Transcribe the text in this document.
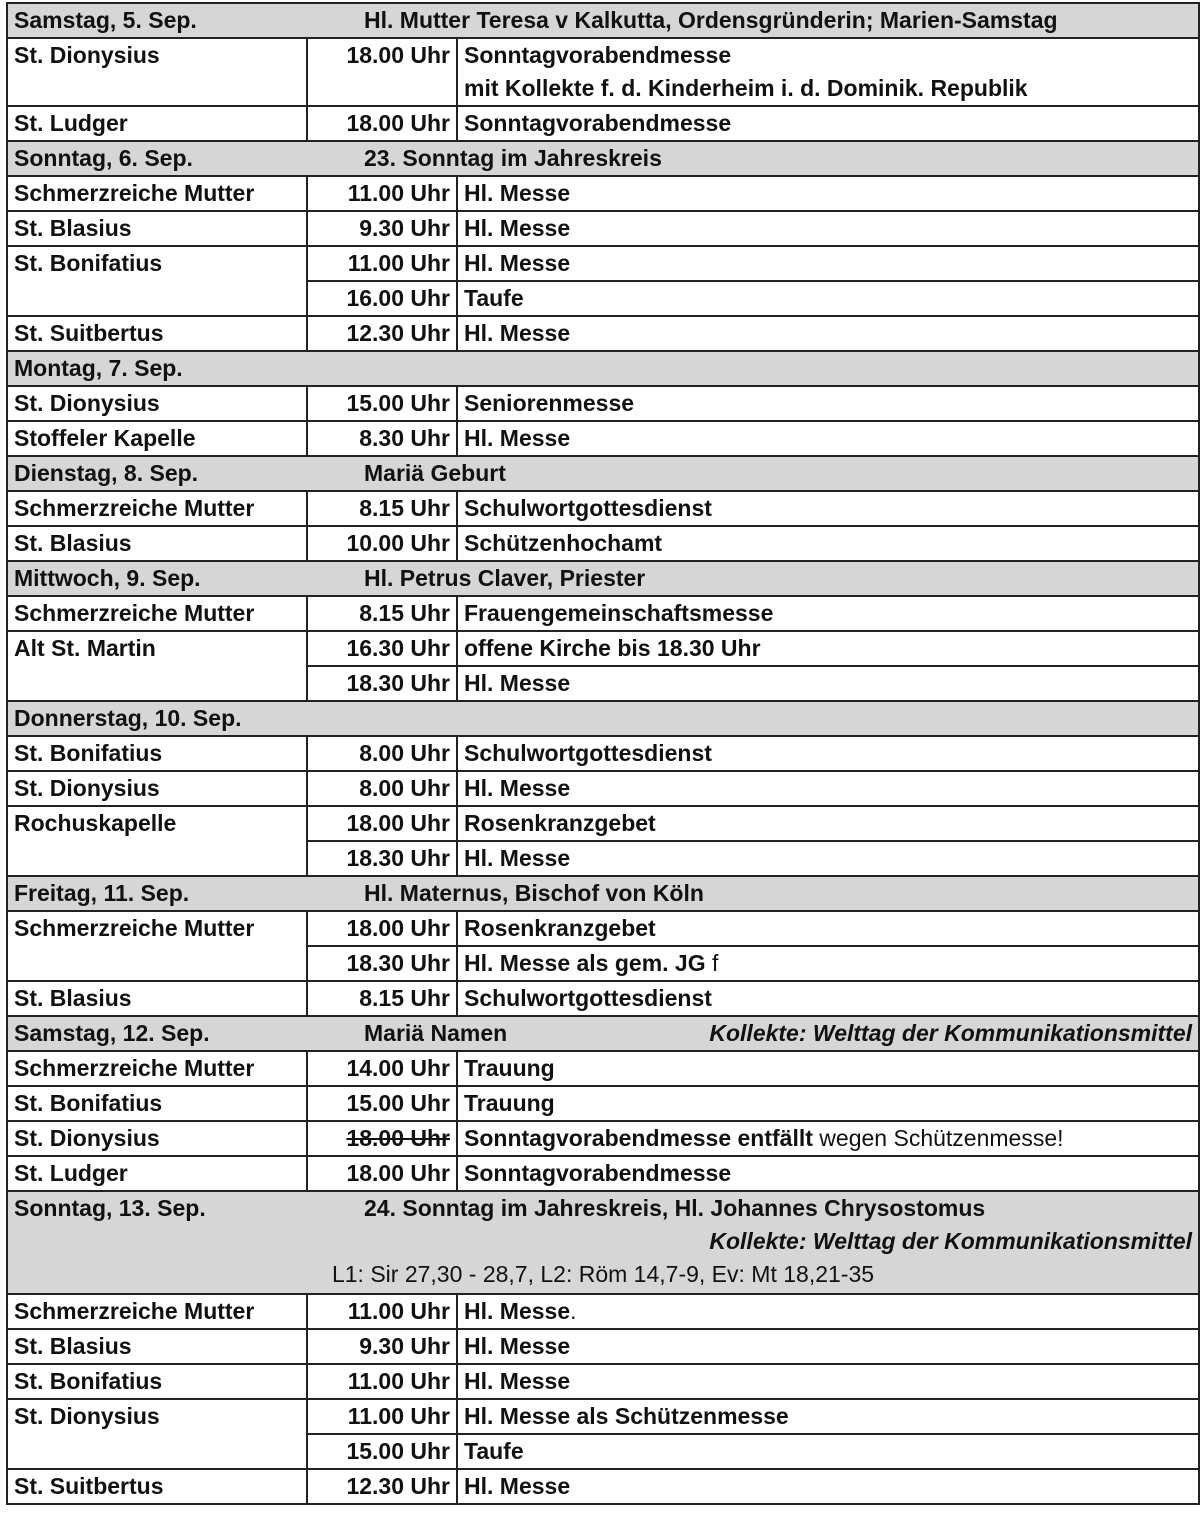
Samstag, 5. Sep. Hl. Mutter Teresa v Kalkutta, Ordensgründerin; Marien-Samstag		
St. Dionysius	18.00 Uhr	Sonntagvorabendmesse
mit Kollekte f. d. Kinderheim i. d. Dominik. Republik

St. Ludger	18.00 Uhr	Sonntagvorabendmesse
Sonntag, 6. Sep. 23. Sonntag im Jahreskreis		
Schmerzreiche Mutter	11.00 Uhr	Hl. Messe
St. Blasius	9.30 Uhr	Hl. Messe
St. Bonifatius	11.00 Uhr	Hl. Messe
	16.00 Uhr	Taufe
St. Suitbertus	12.30 Uhr	Hl. Messe
Montag, 7. Sep.		
St. Dionysius	15.00 Uhr	Seniorenmesse
Stoffeler Kapelle	8.30 Uhr	Hl. Messe
Dienstag, 8. Sep. Mariä Geburt		
Schmerzreiche Mutter	8.15 Uhr	Schulwortgottesdienst
St. Blasius	10.00 Uhr	Schützenhochamt
Mittwoch, 9. Sep. Hl. Petrus Claver, Priester		
Schmerzreiche Mutter	8.15 Uhr	Frauengemeinschaftsmesse
Alt St. Martin	16.30 Uhr	offene Kirche bis 18.30 Uhr
	18.30 Uhr	Hl. Messe
Donnerstag, 10. Sep.		
St. Bonifatius	8.00 Uhr	Schulwortgottesdienst
St. Dionysius	8.00 Uhr	Hl. Messe
Rochuskapelle	18.00 Uhr	Rosenkranzgebet
	18.30 Uhr	Hl. Messe
Freitag, 11. Sep. Hl. Maternus, Bischof von Köln		
Schmerzreiche Mutter	18.00 Uhr	Rosenkranzgebet
	18.30 Uhr	Hl. Messe als gem. JG f
St. Blasius	8.15 Uhr	Schulwortgottesdienst
Samstag, 12. Sep. Mariä Namen Kollekte: Welttag der Kommunikationsmittel		

Schmerzreiche Mutter	14.00 Uhr	Trauung
St. Bonifatius	15.00 Uhr	Trauung
St. Dionysius	18.00 Uhr	Sonntagvorabendmesse entfällt wegen Schützenmesse!
St. Ludger	18.00 Uhr	Sonntagvorabendmesse

Sonntag, 13. Sep. 24. Sonntag im Jahreskreis, Hl. Johannes Chrysostomus
Kollekte: Welttag der Kommunikationsmittel
L1: Sir 27,30 - 28,7, L2: Röm 14,7-9, Ev: Mt 18,21-35		

Schmerzreiche Mutter	11.00 Uhr	Hl. Messe.
St. Blasius	9.30 Uhr	Hl. Messe
St. Bonifatius	11.00 Uhr	Hl. Messe
St. Dionysius	11.00 Uhr	Hl. Messe als Schützenmesse
	15.00 Uhr	Taufe
St. Suitbertus	12.30 Uhr	Hl. Messe
